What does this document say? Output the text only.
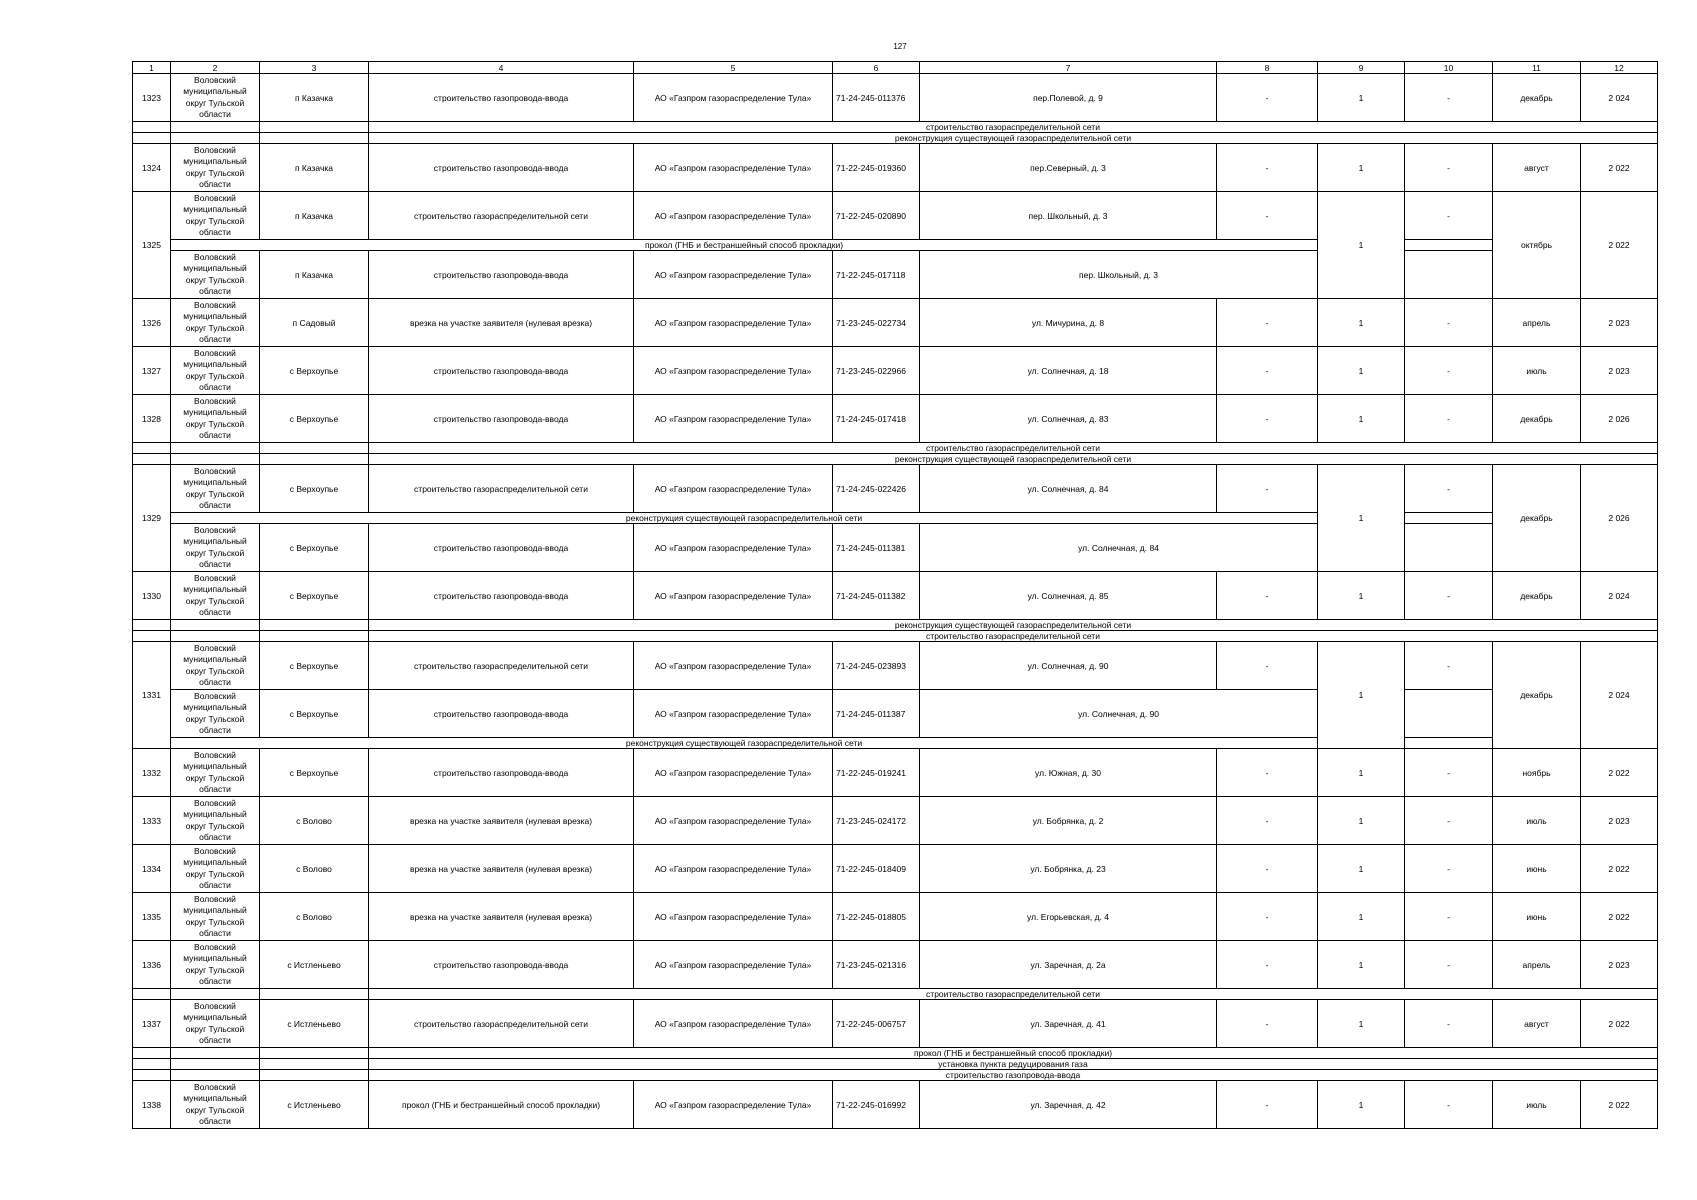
127
1	2	3	4	5	6	7	8	9	10	11	12
1323	Воловский муниципальный округ Тульской области	п Казачка	строительство газопровода-ввода	АО «Газпром газораспределение Тула»	71-24-245-011376	пер.Полевой, д. 9	-	1	-	декабрь	2 024
			строительство газораспределительной сети								
			реконструкция существующей газораспределительной сети								
1324	Воловский муниципальный округ Тульской области	п Казачка	строительство газопровода-ввода	АО «Газпром газораспределение Тула»	71-22-245-019360	пер.Северный, д. 3	-	1	-	август	2 022
1325	Воловский муниципальный округ Тульской области	п Казачка	строительство газораспределительной сети	АО «Газпром газораспределение Тула»	71-22-245-020890	пер. Школьный, д. 3	-	1	-	октябрь	2 022
	прокол (ГНБ и бестраншейный способ прокладки)										
	Воловский муниципальный округ Тульской области	п Казачка	строительство газопровода-ввода	АО «Газпром газораспределение Тула»	71-22-245-017118	пер. Школьный, д. 3					
1326	Воловский муниципальный округ Тульской области	п Садовый	врезка на участке заявителя (нулевая врезка)	АО «Газпром газораспределение Тула»	71-23-245-022734	ул. Мичурина, д. 8	-	1	-	апрель	2 023
1327	Воловский муниципальный округ Тульской области	с Верхоупье	строительство газопровода-ввода	АО «Газпром газораспределение Тула»	71-23-245-022966	ул. Солнечная, д. 18	-	1	-	июль	2 023
1328	Воловский муниципальный округ Тульской области	с Верхоупье	строительство газопровода-ввода	АО «Газпром газораспределение Тула»	71-24-245-017418	ул. Солнечная, д. 83	-	1	-	декабрь	2 026
			строительство газораспределительной сети								
			реконструкция существующей газораспределительной сети								
1329	Воловский муниципальный округ Тульской области	с Верхоупье	строительство газораспределительной сети	АО «Газпром газораспределение Тула»	71-24-245-022426	ул. Солнечная, д. 84	-	1	-	декабрь	2 026
	реконструкция существующей газораспределительной сети										
	Воловский муниципальный округ Тульской области	с Верхоупье	строительство газопровода-ввода	АО «Газпром газораспределение Тула»	71-24-245-011381	ул. Солнечная, д. 84					
1330	Воловский муниципальный округ Тульской области	с Верхоупье	строительство газопровода-ввода	АО «Газпром газораспределение Тула»	71-24-245-011382	ул. Солнечная, д. 85	-	1	-	декабрь	2 024
			реконструкция существующей газораспределительной сети								
			строительство газораспределительной сети								
1331	Воловский муниципальный округ Тульской области	с Верхоупье	строительство газораспределительной сети	АО «Газпром газораспределение Тула»	71-24-245-023893	ул. Солнечная, д. 90	-	1	-	декабрь	2 024
	Воловский муниципальный округ Тульской области	с Верхоупье	строительство газопровода-ввода	АО «Газпром газораспределение Тула»	71-24-245-011387	ул. Солнечная, д. 90					
	реконструкция существующей газораспределительной сети										
1332	Воловский муниципальный округ Тульской области	с Верхоупье	строительство газопровода-ввода	АО «Газпром газораспределение Тула»	71-22-245-019241	ул. Южная, д. 30	-	1	-	ноябрь	2 022
1333	Воловский муниципальный округ Тульской области	с Волово	врезка на участке заявителя (нулевая врезка)	АО «Газпром газораспределение Тула»	71-23-245-024172	ул. Бобрянка, д. 2	-	1	-	июль	2 023
1334	Воловский муниципальный округ Тульской области	с Волово	врезка на участке заявителя (нулевая врезка)	АО «Газпром газораспределение Тула»	71-22-245-018409	ул. Бобрянка, д. 23	-	1	-	июнь	2 022
1335	Воловский муниципальный округ Тульской области	с Волово	врезка на участке заявителя (нулевая врезка)	АО «Газпром газораспределение Тула»	71-22-245-018805	ул. Егорьевская, д. 4	-	1	-	июнь	2 022
1336	Воловский муниципальный округ Тульской области	с Истленьево	строительство газопровода-ввода	АО «Газпром газораспределение Тула»	71-23-245-021316	ул. Заречная, д. 2а	-	1	-	апрель	2 023
			строительство газораспределительной сети								
1337	Воловский муниципальный округ Тульской области	с Истленьево	строительство газораспределительной сети	АО «Газпром газораспределение Тула»	71-22-245-006757	ул. Заречная, д. 41	-	1	-	август	2 022
			прокол (ГНБ и бестраншейный способ прокладки)								
			установка пункта редуцирования газа								
			строительство газопровода-ввода								
1338	Воловский муниципальный округ Тульской области	с Истленьево	прокол (ГНБ и бестраншейный способ прокладки)	АО «Газпром газораспределение Тула»	71-22-245-016992	ул. Заречная, д. 42	-	1	-	июль	2 022
